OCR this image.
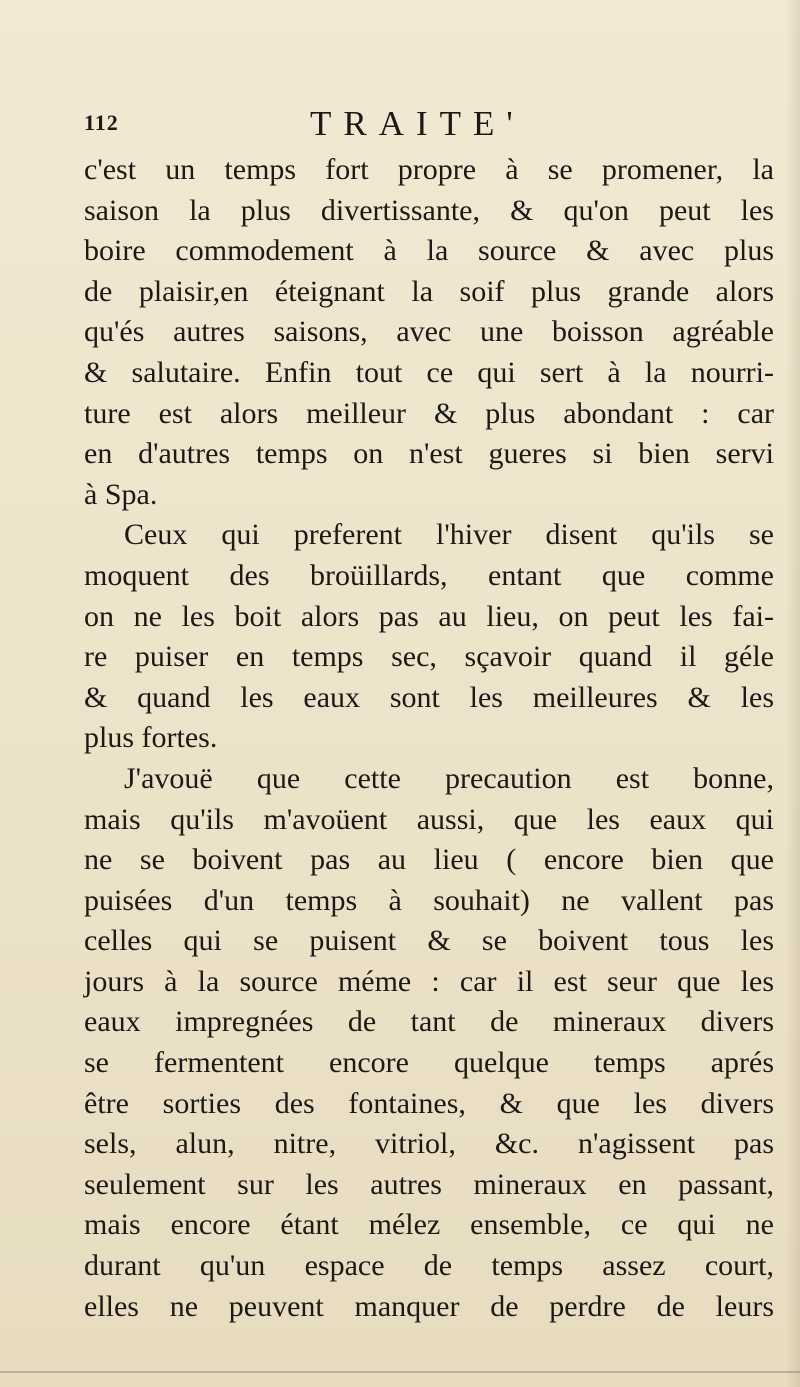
112	TRAITE'
c'est un temps fort propre à se promener, la
saison la plus divertissante, & qu'on peut les
boire commodement à la source & avec plus
de plaisir,en éteignant la soif plus grande alors
qu'és autres saisons, avec une boisson agréable
& salutaire. Enfin tout ce qui sert à la nourri-
ture est alors meilleur & plus abondant : car
en d'autres temps on n'est gueres si bien servi
à Spa.
Ceux qui preferent l'hiver disent qu'ils se
moquent des broüillards, entant que comme
on ne les boit alors pas au lieu, on peut les fai-
re puiser en temps sec, sçavoir quand il géle
& quand les eaux sont les meilleures & les
plus fortes.
J'avouë que cette precaution est bonne,
mais qu'ils m'avoüent aussi, que les eaux qui
ne se boivent pas au lieu ( encore bien que
puisées d'un temps à souhait) ne vallent pas
celles qui se puisent & se boivent tous les
jours à la source méme : car il est seur que les
eaux impregnées de tant de mineraux divers
se fermentent encore quelque temps aprés
être sorties des fontaines, & que les divers
sels, alun, nitre, vitriol, &c. n'agissent pas
seulement sur les autres mineraux en passant,
mais encore étant mélez ensemble, ce qui ne
durant qu'un espace de temps assez court,
elles ne peuvent manquer de perdre de leurs
